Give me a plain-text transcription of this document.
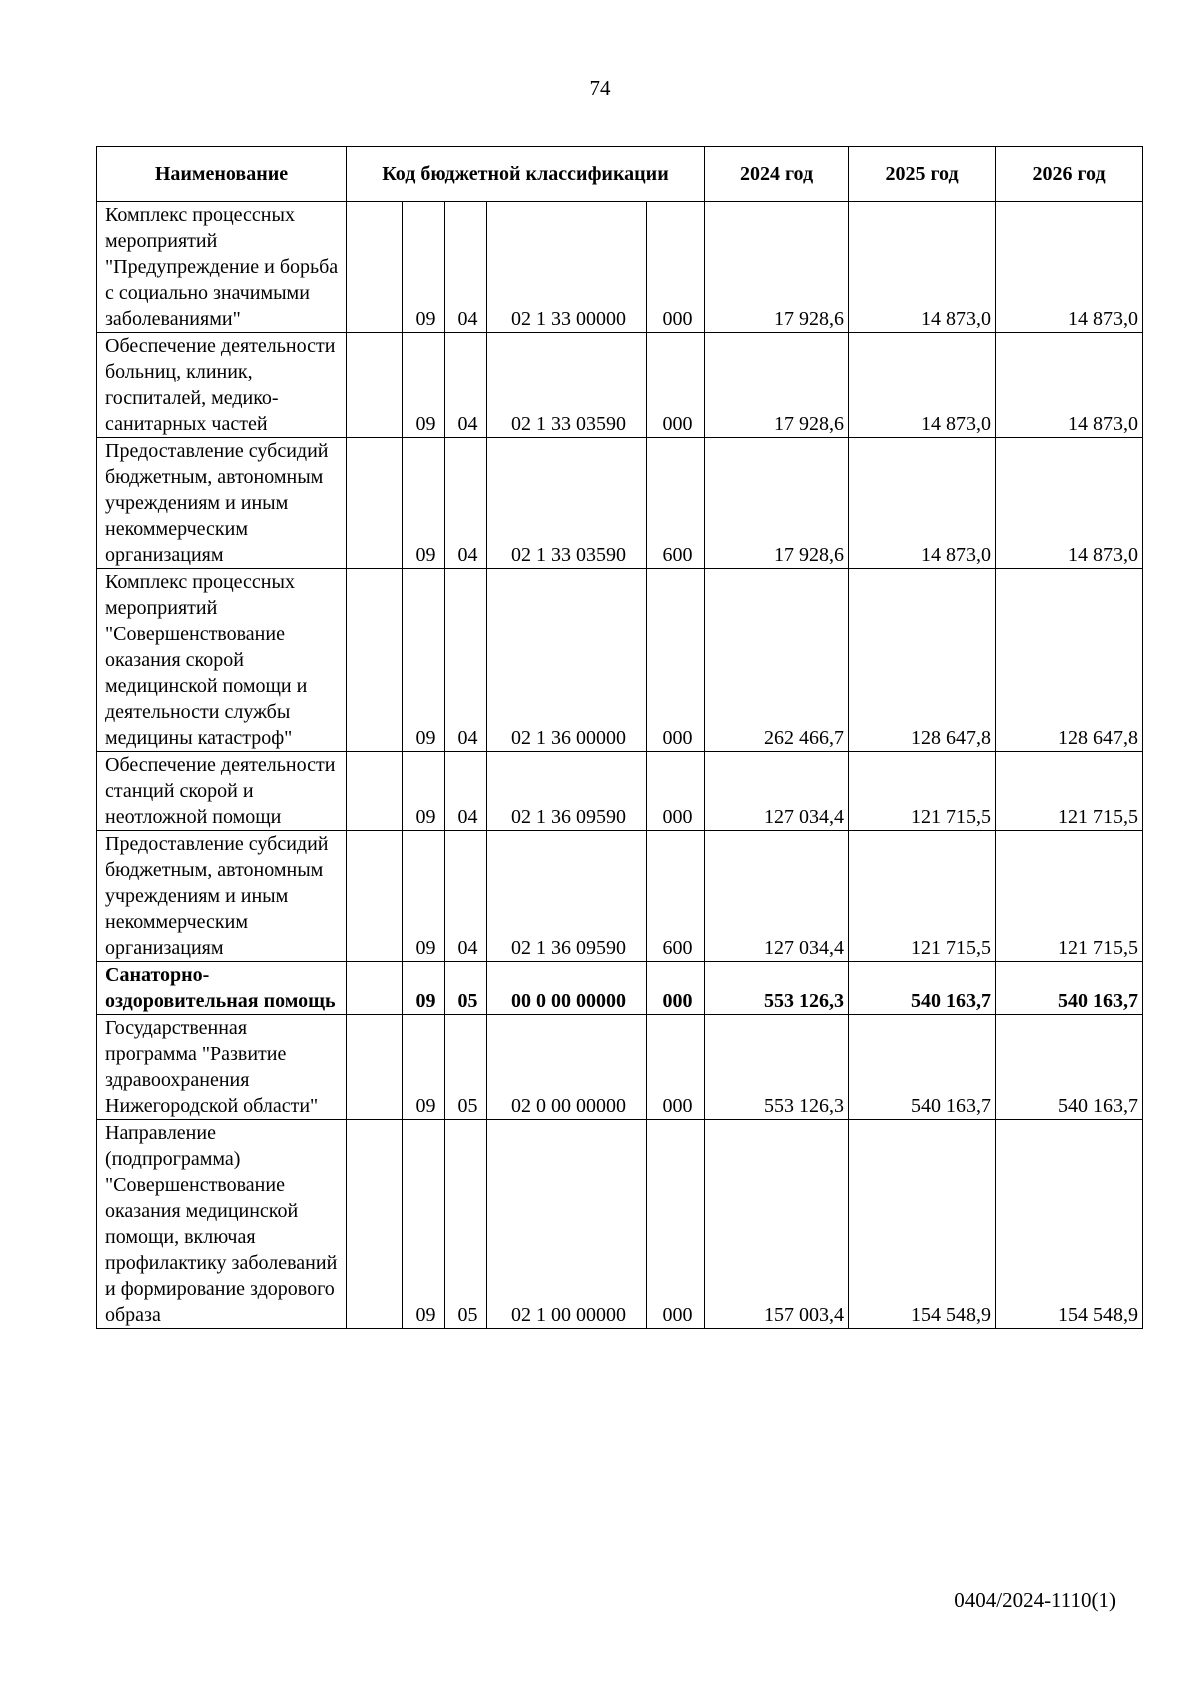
74
Наименование	Код бюджетной классификации					2024 год	2025 год	2026 год
Комплекс процессных мероприятий "Предупреждение и борьба с социально значимыми заболеваниями"		09	04	02 1 33 00000	000	17 928,6	14 873,0	14 873,0
Обеспечение деятельности больниц, клиник, госпиталей, медико-санитарных частей		09	04	02 1 33 03590	000	17 928,6	14 873,0	14 873,0
Предоставление субсидий бюджетным, автономным учреждениям и иным некоммерческим организациям		09	04	02 1 33 03590	600	17 928,6	14 873,0	14 873,0
Комплекс процессных мероприятий "Совершенствование оказания скорой медицинской помощи и деятельности службы медицины катастроф"		09	04	02 1 36 00000	000	262 466,7	128 647,8	128 647,8
Обеспечение деятельности станций скорой и неотложной помощи		09	04	02 1 36 09590	000	127 034,4	121 715,5	121 715,5
Предоставление субсидий бюджетным, автономным учреждениям и иным некоммерческим организациям		09	04	02 1 36 09590	600	127 034,4	121 715,5	121 715,5
Санаторно-оздоровительная помощь		09	05	00 0 00 00000	000	553 126,3	540 163,7	540 163,7
Государственная программа "Развитие здравоохранения Нижегородской области"		09	05	02 0 00 00000	000	553 126,3	540 163,7	540 163,7
Направление (подпрограмма) "Совершенствование оказания медицинской помощи, включая профилактику заболеваний и формирование здорового образа		09	05	02 1 00 00000	000	157 003,4	154 548,9	154 548,9
0404/2024-1110(1)
